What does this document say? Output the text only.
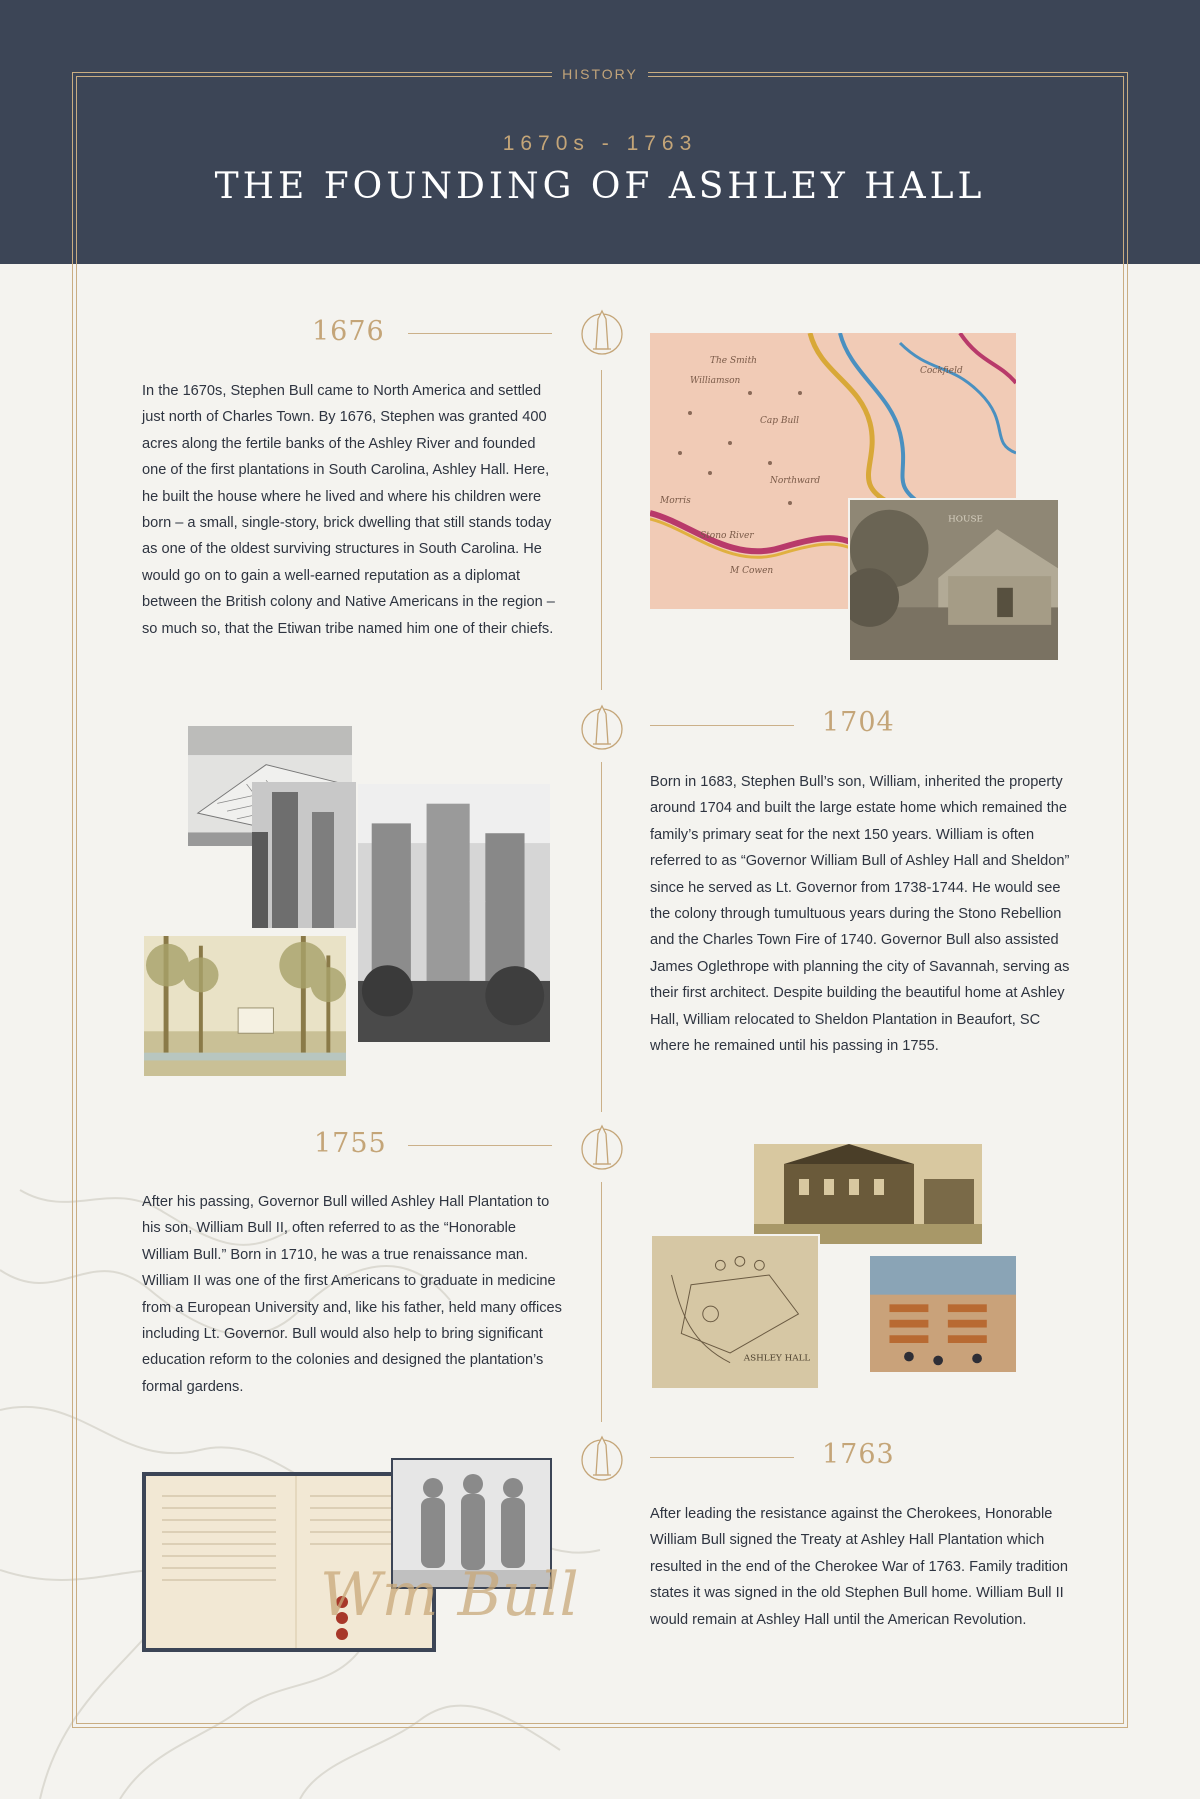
HISTORY
1670s - 1763
THE FOUNDING OF ASHLEY HALL
1676
In the 1670s, Stephen Bull came to North America and settled just north of Charles Town. By 1676, Stephen was granted 400 acres along the fertile banks of the Ashley River and founded one of the first plantations in South Carolina, Ashley Hall. Here, he built the house where he lived and where his children were born – a small, single-story, brick dwelling that still stands today as one of the oldest surviving structures in South Carolina. He would go on to gain a well-earned reputation as a diplomat between the British colony and Native Americans in the region – so much so, that the Etiwan tribe named him one of their chiefs.
The Smith
Williamson
Cap Bull
Northward
Morris
Stono River
M Cowen
Cockfield
HOUSE
1704
Born in 1683, Stephen Bull’s son, William, inherited the property around 1704 and built the large estate home which remained the family’s primary seat for the next 150 years. William is often referred to as “Governor William Bull of Ashley Hall and Sheldon” since he served as Lt. Governor from 1738-1744. He would see the colony through tumultuous years during the Stono Rebellion and the Charles Town Fire of 1740. Governor Bull also assisted James Oglethrope with planning the city of Savannah, serving as their first architect. Despite building the beautiful home at Ashley Hall, William relocated to Sheldon Plantation in Beaufort, SC where he remained until his passing in 1755.
1755
After his passing, Governor Bull willed Ashley Hall Plantation to his son, William Bull II, often referred to as the “Honorable William Bull.” Born in 1710, he was a true renaissance man. William II was one of the first Americans to graduate in medicine from a European University and, like his father, held many offices including Lt. Governor. Bull would also help to bring significant education reform to the colonies and designed the plantation’s formal gardens.
ASHLEY HALL
1763
After leading the resistance against the Cherokees, Honorable William Bull signed the Treaty at Ashley Hall Plantation which resulted in the end of the Cherokee War of 1763. Family tradition states it was signed in the old Stephen Bull home. William Bull II would remain at Ashley Hall until the American Revolution.
Wm Bull
